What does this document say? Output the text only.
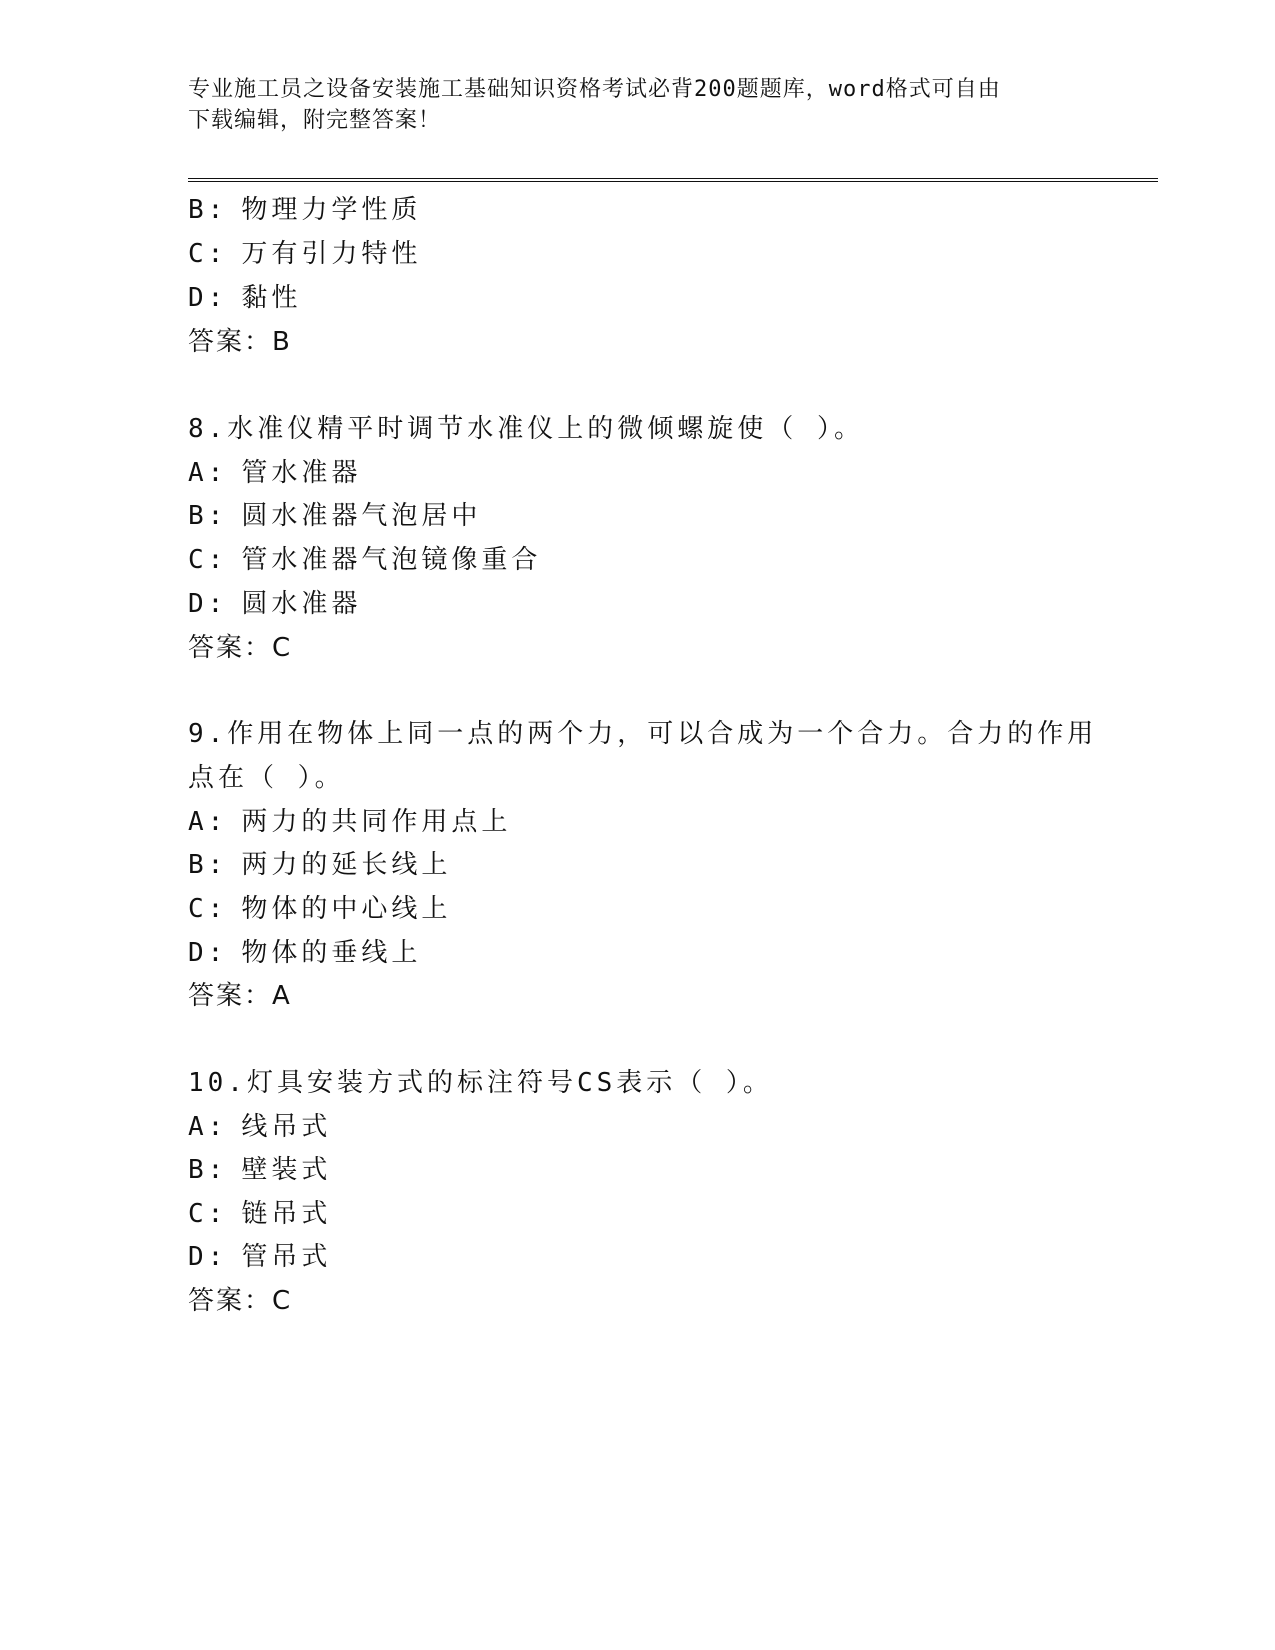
专业施工员之设备安装施工基础知识资格考试必背200题题库，word格式可自由
下载编辑，附完整答案！
B: 物理力学性质
C: 万有引力特性
D: 黏性
答案：B
8.水准仪精平时调节水准仪上的微倾螺旋使（ ）。
A: 管水准器
B: 圆水准器气泡居中
C: 管水准器气泡镜像重合
D: 圆水准器
答案：C
9.作用在物体上同一点的两个力，可以合成为一个合力。合力的作用
点在（ ）。
A: 两力的共同作用点上
B: 两力的延长线上
C: 物体的中心线上
D: 物体的垂线上
答案：A
10.灯具安装方式的标注符号CS表示（ ）。
A: 线吊式
B: 壁装式
C: 链吊式
D: 管吊式
答案：C
